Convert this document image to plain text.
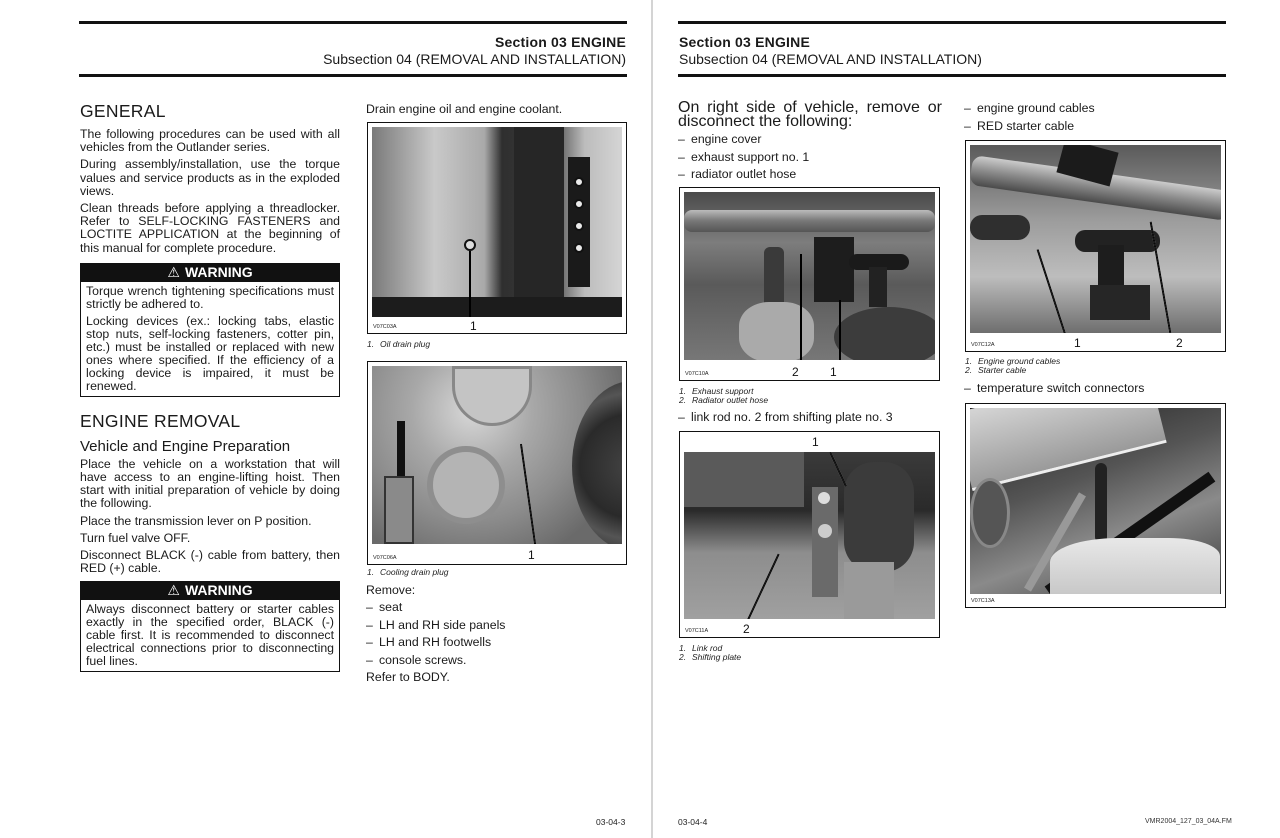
Section 03 ENGINE
Subsection 04 (REMOVAL AND INSTALLATION)
GENERAL
The following procedures can be used with all vehicles from the Outlander series.
During assembly/installation, use the torque values and service products as in the exploded views.
Clean threads before applying a threadlocker. Refer to SELF-LOCKING FASTENERS and LOCTITE APPLICATION at the beginning of this manual for complete procedure.
⚠ WARNING
Torque wrench tightening specifications must strictly be adhered to.
Locking devices (ex.: locking tabs, elastic stop nuts, self-locking fasteners, cotter pin, etc.) must be installed or replaced with new ones where specified. If the efficiency of a locking device is impaired, it must be renewed.
ENGINE REMOVAL
Vehicle and Engine Preparation
Place the vehicle on a workstation that will have access to an engine-lifting hoist. Then start with initial preparation of vehicle by doing the following.
Place the transmission lever on P position.
Turn fuel valve OFF.
Disconnect BLACK (-) cable from battery, then RED (+) cable.
⚠ WARNING
Always disconnect battery or starter cables exactly in the specified order, BLACK (-) cable first. It is recommended to disconnect electrical connections prior to disconnecting fuel lines.
Drain engine oil and engine coolant.
1
V07C03A
1. Oil drain plug
1
V07C06A
1. Cooling drain plug
Remove:
– seat
– LH and RH side panels
– LH and RH footwells
– console screws.
Refer to BODY.
03-04-3
Section 03 ENGINE
Subsection 04 (REMOVAL AND INSTALLATION)
On right side of vehicle, remove or disconnect the following:
– engine cover
– exhaust support no. 1
– radiator outlet hose
2	1
V07C10A
1. Exhaust support
2. Radiator outlet hose
– link rod no. 2 from shifting plate no. 3
1
2
V07C11A
1. Link rod
2. Shifting plate
– engine ground cables
– RED starter cable
1	2
V07C12A
1. Engine ground cables
2. Starter cable
– temperature switch connectors
V07C13A
03-04-4	VMR2004_127_03_04A.FM
